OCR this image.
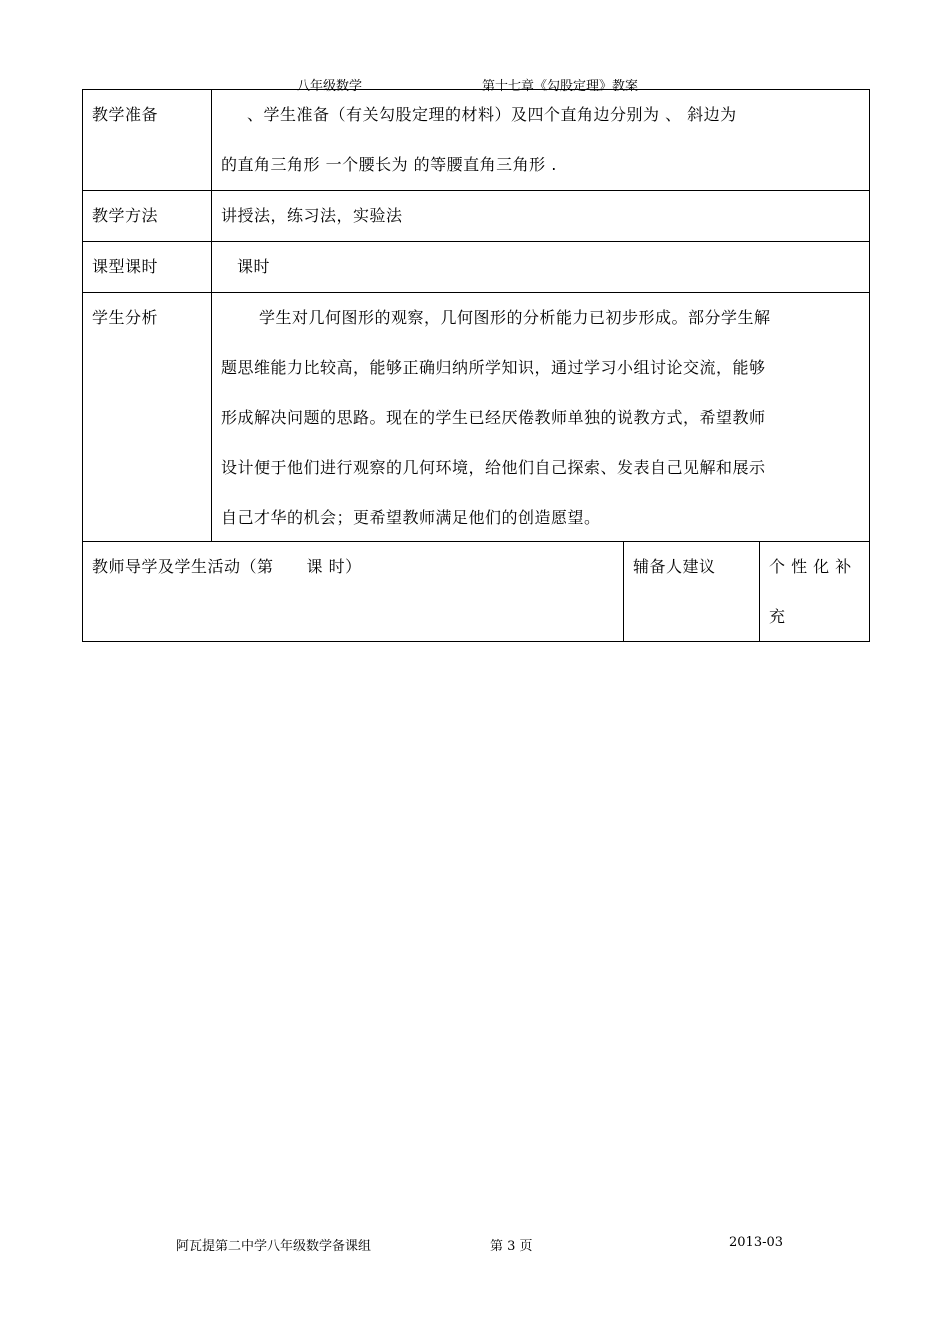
八年级数学	第十七章《勾股定理》教案
教学准备	、学生准备（有关勾股定理的材料）及四个直角边分别为 、 斜边为
的直角三角形 一个腰长为 的等腰直角三角形 .
教学方法	讲授法，练习法，实验法
课型课时	课时
学生分析	学生对几何图形的观察，几何图形的分析能力已初步形成。部分学生解
题思维能力比较高，能够正确归纳所学知识，通过学习小组讨论交流，能够
形成解决问题的思路。现在的学生已经厌倦教师单独的说教方式，希望教师
设计便于他们进行观察的几何环境，给他们自己探索、发表自己见解和展示
自己才华的机会；更希望教师满足他们的创造愿望。
教师导学及学生活动（第　　课 时）	辅备人建议	个 性 化 补
充
阿瓦提第二中学八年级数学备课组	第 3 页	2013-03
